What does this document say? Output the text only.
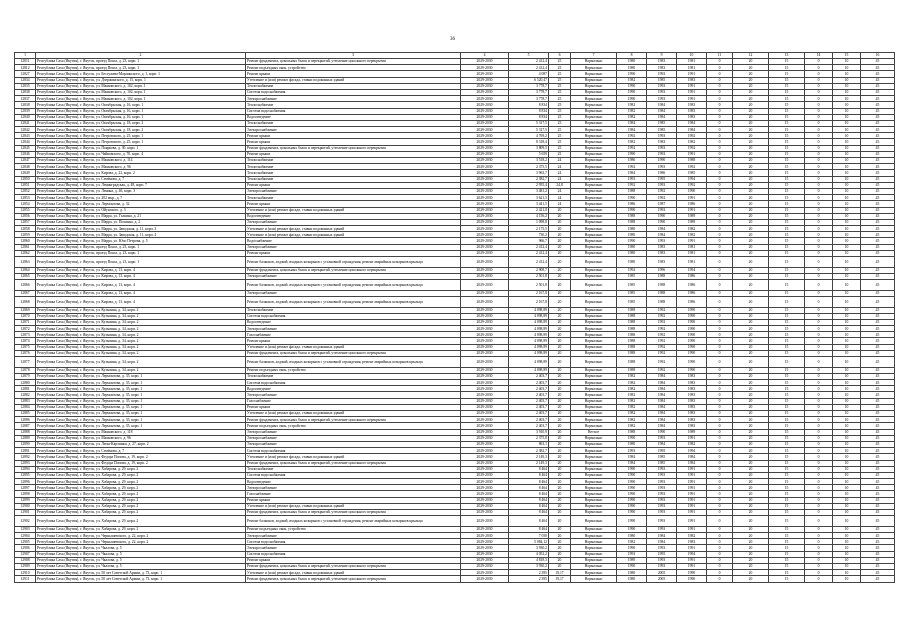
36
1	2	3	4	5	6	7	8	9	10	11	12	13	14	15	16
12811	Республика Саха (Якутия), г. Якутск, проезд Пояса, д. 23, корп. 1	Ремонт фундамента, цокольных балок и перекрытий, утепление цокольного перекрытия	2029-2030	2 412,4	25	Нормально	1980	1983	1981	0	20	15	0	10	45
12812	Республика Саха (Якутия), г. Якутск, проезд Пояса, д. 23, корп. 1	Ремонт подъездных окон, устройство	2029-2030	2 412,4	25	Нормально	1980	1983	1981	0	20	15	0	10	45
12827	Республика Саха (Якутия), г. Якутск, ул. Бестужева-Марлинского, д. 1, корп. 1	Ремонт крыши	2029-2030	4 087	25	Нормально	1990	1993	1991	0	20	15	0	10	45
12834	Республика Саха (Якутия), г. Якутск, ул. Дзержинского, д. 15, корп. 1	Утепление и (или) ремонт фасада, ставни подоконных зданий	2029-2030	6 520,47	25	Нормально	1982	1985	1983	0	20	15	0	10	45
12835	Республика Саха (Якутия), г. Якутск, ул. Маяковского, д. 102, корп. 1	Теплоснабжение	2029-2030	3 778,7	25	Нормально	1990	1993	1991	0	20	15	0	10	45
12838	Республика Саха (Якутия), г. Якутск, ул. Маяковского, д. 102, корп. 1	Система водоснабжения	2029-2030	3 778,7	25	Нормально	1990	1993	1991	0	20	15	0	10	45
12837	Республика Саха (Якутия), г. Якутск, ул. Маяковского, д. 102, корп. 1	Электроснабжение	2029-2030	3 778,7	25	Нормально	1990	1993	1991	0	20	15	0	10	45
12838	Республика Саха (Якутия), г. Якутск, ул. Октябрьская, д. 16, корп. 1	Теплоснабжение	2029-2030	8 834	25	Нормально	1982	1984	1983	0	20	15	0	10	45
12839	Республика Саха (Якутия), г. Якутск, ул. Октябрьская, д. 16, корп. 1	Система водоснабжения	2029-2030	8 834	25	Нормально	1982	1984	1983	0	20	15	0	10	45
12840	Республика Саха (Якутия), г. Якутск, ул. Октябрьская, д. 16, корп. 1	Водоотведение	2029-2030	8 834	25	Нормально	1982	1984	1983	0	20	15	0	10	45
12841	Республика Саха (Якутия), г. Якутск, ул. Октябрьская, д. 18, корп. 2	Теплоснабжение	2029-2030	5 317,5	25	Нормально	1984	1985	1984	0	20	15	0	10	45
12842	Республика Саха (Якутия), г. Якутск, ул. Октябрьская, д. 18, корп. 2	Электроснабжение	2029-2030	5 317,5	25	Нормально	1984	1985	1984	0	20	15	0	10	45
12843	Республика Саха (Якутия), г. Якутск, ул. Петровского, д. 25, корп. 1	Ремонт крыши	2029-2030	4 769,2	25	Нормально	1992	1993	1992	0	20	15	0	10	45
12844	Республика Саха (Якутия), г. Якутск, ул. Петровского, д. 25, корп. 1	Ремонт крыши	2029-2030	8 318,4	25	Нормально	1982	1983	1982	0	20	15	0	10	45
12845	Республика Саха (Якутия), г. Якутск, ул. Пояркова, д. 30, корп. 1	Ремонт фундамента, цокольных балок и перекрытий, утепление цокольного перекрытия	2029-2030	3 809,5	25	Нормально	1992	1993	1992	0	20	15	0	10	45
12846	Республика Саха (Якутия), г. Якутск, ул. Чайковского, д. 70, корп. 4	Ремонт крыши	2029-2030	5 659	25	Нормально	1990	1993	1991	0	20	15	0	10	45
12847	Республика Саха (Якутия), г. Якутск, ул. Маяковского, д. 114	Теплоснабжение	2029-2030	3 518,2	24	Нормально	1986	1990	1988	0	20	15	0	10	45
12848	Республика Саха (Якутия), г. Якутск, ул. Маяковского, д. 96	Теплоснабжение	2029-2030	2 375,5	24	Нормально	1992	1993	1992	0	20	15	0	10	45
12849	Республика Саха (Якутия), г. Якутск, ул. Кирова, д. 22, корп. 2	Теплоснабжение	2029-2030	3 963,7	24	Нормально	1984	1986	1985	0	20	15	0	10	45
12850	Республика Саха (Якутия), г. Якутск, ул. Семёнова, д. 7	Теплоснабжение	2029-2030	2 382,7	24	Нормально	1993	1995	1994	0	20	15	0	10	45
12851	Республика Саха (Якутия), г. Якутск, ул. Ленинградская, д. 48, корп. 7	Ремонт крыши	2029-2030	2 955,4	24,8	Нормально	1992	1993	1992	0	20	15	0	10	45
12852	Республика Саха (Якутия), г. Якутск, ул. Ленина, д. 46, корп. 3	Электроснабжение	2029-2030	3 481,2	24	Нормально	1988	1992	1990	0	20	15	0	10	45
12853	Республика Саха (Якутия), г. Якутск, ул. 202 мкр., д. 7	Теплоснабжение	2029-2030	3 621,5	24	Нормально	1990	1992	1991	0	20	15	0	10	45
12854	Республика Саха (Якутия), г. Якутск, ул. Лермонтова, д. 32	Ремонт крыши	2029-2030	3 441,5	24	Нормально	1986	1987	1986	0	20	15	0	10	45
12855	Республика Саха (Якутия), г. Якутск, ул. Ойунского, д. 3	Утепление и (или) ремонт фасада, ставни подоконных зданий	2029-2030	2 421,8	20	Нормально	1990	1993	1991	0	20	15	0	10	45
12856	Республика Саха (Якутия), г. Якутск, ул. Марра, ул. Галкина, д. 21	Водоотведение	2029-2030	4 156,2	20	Нормально	1988	1990	1989	0	20	15	0	10	45
12857	Республика Саха (Якутия), г. Якутск, ул. Марра, ул. Полинна, д. 2	Электроснабжение	2029-2030	1 098,8	20	Нормально	1988	1990	1989	0	20	15	0	10	45
12858	Республика Саха (Якутия), г. Якутск, ул. Марра, ул. Заводская, д. 11, корп. 3	Утепление и (или) ремонт фасада, ставни подоконных зданий	2029-2030	2 175,5	20	Нормально	1980	1984	1982	0	20	15	0	10	45
12859	Республика Саха (Якутия), г. Якутск, ул. Марра, ул. Заводская, д. 11, корп. 4	Утепление и (или) ремонт фасада, ставни подоконных зданий	2029-2030	730,2	20	Нормально	1980	1984	1982	0	20	15	0	10	45
12860	Республика Саха (Якутия), г. Якутск, ул. Марра, ул. Ючо Петрова, д. 5	Водоснабжение	2029-2030	966,7	20	Нормально	1990	1993	1991	0	20	15	0	10	45
12861	Республика Саха (Якутия), г. Якутск, проезд Пояса, д. 23, корп. 1	Электроснабжение	2029-2030	2 412,4	20	Нормально	1980	1983	1981	0	20	15	0	10	45
12862	Республика Саха (Якутия), г. Якутск, проезд Пояса, д. 23, корп. 1	Ремонт крыши	2029-2030	2 412,4	20	Нормально	1980	1983	1981	0	20	15	0	10	45
12863	Республика Саха (Якутия), г. Якутск, проезд Пояса, д. 23, корп. 1	Ремонт балконов, лоджий, входных козырьков с установкой ограждения, ремонт аварийных козырьков крыльца	2029-2030	2 412,4	20	Нормально	1980	1983	1981	0	20	15	0	10	45
12864	Республика Саха (Якутия), г. Якутск, ул. Кирова, д. 13, корп. 4	Ремонт фундамента, цокольных балок и перекрытий, утепление цокольного перекрытия	2029-2030	2 908,7	20	Нормально	1992	1996	1994	0	20	15	0	10	45
12865	Республика Саха (Якутия), г. Якутск, ул. Кирова, д. 13, корп. 4	Электроснабжение	2029-2030	2 501,8	20	Нормально	1985	1988	1986	0	20	15	0	10	45
12866	Республика Саха (Якутия), г. Якутск, ул. Кирова, д. 13, корп. 4	Ремонт балконов, лоджий, входных козырьков с установкой ограждения, ремонт аварийных козырьков крыльца	2029-2030	2 501,8	20	Нормально	1985	1988	1986	0	20	15	0	10	45
12867	Республика Саха (Якутия), г. Якутск, ул. Кирова, д. 13, корп. 4	Электроснабжение	2029-2030	2 167,8	20	Нормально	1985	1988	1986	0	20	15	0	10	45
12868	Республика Саха (Якутия), г. Якутск, ул. Кирова, д. 13, корп. 4	Ремонт балконов, лоджий, входных козырьков с установкой ограждения, ремонт аварийных козырьков крыльца	2029-2030	2 167,8	20	Нормально	1985	1988	1986	0	20	15	0	10	45
12869	Республика Саха (Якутия), г. Якутск, ул. Кузьмина, д. 34, корп. 2	Теплоснабжение	2029-2030	4 098,89	20	Нормально	1988	1992	1990	0	20	15	0	10	45
12870	Республика Саха (Якутия), г. Якутск, ул. Кузьмина, д. 34, корп. 2	Система водоснабжения	2029-2030	4 098,89	20	Нормально	1988	1992	1990	0	20	15	0	10	45
12871	Республика Саха (Якутия), г. Якутск, ул. Кузьмина, д. 34, корп. 2	Водоотведение	2029-2030	4 098,89	20	Нормально	1988	1992	1990	0	20	15	0	10	45
12872	Республика Саха (Якутия), г. Якутск, ул. Кузьмина, д. 34, корп. 2	Электроснабжение	2029-2030	4 098,89	20	Нормально	1988	1992	1990	0	20	15	0	10	45
12873	Республика Саха (Якутия), г. Якутск, ул. Кузьмина, д. 34, корп. 2	Газоснабжение	2029-2030	4 098,89	20	Нормально	1988	1992	1990	0	20	15	0	10	45
12874	Республика Саха (Якутия), г. Якутск, ул. Кузьмина, д. 34, корп. 2	Ремонт крыши	2029-2030	4 098,89	20	Нормально	1988	1992	1990	0	20	15	0	10	45
12875	Республика Саха (Якутия), г. Якутск, ул. Кузьмина, д. 34, корп. 2	Утепление и (или) ремонт фасада, ставни подоконных зданий	2029-2030	4 098,89	20	Нормально	1988	1992	1990	0	20	15	0	10	45
12876	Республика Саха (Якутия), г. Якутск, ул. Кузьмина, д. 34, корп. 2	Ремонт фундамента, цокольных балок и перекрытий, утепление цокольного перекрытия	2029-2030	4 098,89	20	Нормально	1988	1992	1990	0	20	15	0	10	45
12877	Республика Саха (Якутия), г. Якутск, ул. Кузьмина, д. 34, корп. 2	Ремонт балконов, лоджий, входных козырьков с установкой ограждения, ремонт аварийных козырьков крыльца	2029-2030	4 098,89	20	Нормально	1988	1992	1990	0	20	15	0	10	45
12878	Республика Саха (Якутия), г. Якутск, ул. Кузьмина, д. 34, корп. 2	Ремонт подъездных окон, устройство	2029-2030	4 098,89	20	Нормально	1988	1992	1990	0	20	15	0	10	45
12879	Республика Саха (Якутия), г. Якутск, ул. Лермонтова, д. 35, корп. 1	Теплоснабжение	2029-2030	2 403,7	20	Нормально	1982	1984	1983	0	20	15	0	10	45
12880	Республика Саха (Якутия), г. Якутск, ул. Лермонтова, д. 35, корп. 1	Система водоснабжения	2029-2030	2 403,7	20	Нормально	1982	1984	1983	0	20	15	0	10	45
12881	Республика Саха (Якутия), г. Якутск, ул. Лермонтова, д. 35, корп. 1	Водоотведение	2029-2030	2 403,7	20	Нормально	1982	1984	1983	0	20	15	0	10	45
12882	Республика Саха (Якутия), г. Якутск, ул. Лермонтова, д. 35, корп. 1	Электроснабжение	2029-2030	2 403,7	20	Нормально	1982	1984	1983	0	20	15	0	10	45
12883	Республика Саха (Якутия), г. Якутск, ул. Лермонтова, д. 35, корп. 1	Газоснабжение	2029-2030	2 403,7	20	Нормально	1982	1984	1983	0	20	15	0	10	45
12884	Республика Саха (Якутия), г. Якутск, ул. Лермонтова, д. 35, корп. 1	Ремонт крыши	2029-2030	2 403,7	20	Нормально	1982	1984	1983	0	20	15	0	10	45
12885	Республика Саха (Якутия), г. Якутск, ул. Лермонтова, д. 35, корп. 1	Утепление и (или) ремонт фасада, ставни подоконных зданий	2029-2030	2 403,7	20	Нормально	1982	1984	1983	0	20	15	0	10	45
12886	Республика Саха (Якутия), г. Якутск, ул. Лермонтова, д. 35, корп. 1	Ремонт фундамента, цокольных балок и перекрытий, утепление цокольного перекрытия	2029-2030	2 403,7	20	Нормально	1982	1984	1983	0	20	15	0	10	45
12887	Республика Саха (Якутия), г. Якутск, ул. Лермонтова, д. 35, корп. 1	Ремонт подъездных окон, устройство	2029-2030	2 403,7	20	Нормально	1982	1984	1983	0	20	15	0	10	45
12888	Республика Саха (Якутия), г. Якутск, ул. Маяковского, д. 118	Электроснабжение	2029-2030	3 910,9	20	Ветхое	1988	1990	1989	0	20	15	0	10	45
12889	Республика Саха (Якутия), г. Якутск, ул. Маяковского, д. 96	Электроснабжение	2029-2030	2 375,8	20	Нормально	1990	1993	1991	0	20	15	0	10	45
12890	Республика Саха (Якутия), г. Якутск, ул. Лепы-Карлинки, д. 27, корп. 2	Электроснабжение	2029-2030	863,1	20	Нормально	1980	1984	1982	0	20	15	0	10	45
12891	Республика Саха (Якутия), г. Якутск, ул. Семёнова, д. 7	Система водоснабжения	2029-2030	2 382,7	20	Нормально	1993	1995	1994	0	20	15	0	10	45
12892	Республика Саха (Якутия), г. Якутск, ул. Федора Попова, д. 19, корп. 2	Утепление и (или) ремонт фасада, ставни подоконных зданий	2029-2030	2 149,3	20	Нормально	1984	1985	1984	0	20	15	0	10	45
12893	Республика Саха (Якутия), г. Якутск, ул. Федора Попова, д. 19, корп. 2	Ремонт фундамента, цокольных балок и перекрытий, утепление цокольного перекрытия	2029-2030	2 149,3	20	Нормально	1984	1985	1984	0	20	15	0	10	45
12894	Республика Саха (Якутия), г. Якутск, ул. Хабарова, д. 29, корп. 2	Теплоснабжение	2029-2030	8 464	20	Нормально	1990	1993	1991	0	20	15	0	10	45
12895	Республика Саха (Якутия), г. Якутск, ул. Хабарова, д. 29, корп. 2	Система водоснабжения	2029-2030	8 464	20	Нормально	1990	1993	1991	0	20	15	0	10	45
12896	Республика Саха (Якутия), г. Якутск, ул. Хабарова, д. 29, корп. 2	Водоотведение	2029-2030	8 464	20	Нормально	1990	1993	1991	0	20	15	0	10	45
12897	Республика Саха (Якутия), г. Якутск, ул. Хабарова, д. 29, корп. 2	Электроснабжение	2029-2030	8 464	20	Нормально	1990	1993	1991	0	20	15	0	10	45
12898	Республика Саха (Якутия), г. Якутск, ул. Хабарова, д. 29, корп. 2	Газоснабжение	2029-2030	8 464	20	Нормально	1990	1993	1991	0	20	15	0	10	45
12899	Республика Саха (Якутия), г. Якутск, ул. Хабарова, д. 29, корп. 2	Ремонт крыши	2029-2030	8 464	20	Нормально	1990	1993	1991	0	20	15	0	10	45
12900	Республика Саха (Якутия), г. Якутск, ул. Хабарова, д. 29, корп. 2	Утепление и (или) ремонт фасада, ставни подоконных зданий	2029-2030	8 464	20	Нормально	1990	1993	1991	0	20	15	0	10	45
12901	Республика Саха (Якутия), г. Якутск, ул. Хабарова, д. 29, корп. 2	Ремонт фундамента, цокольных балок и перекрытий, утепление цокольного перекрытия	2029-2030	8 464	20	Нормально	1990	1993	1991	0	20	15	0	10	45
12902	Республика Саха (Якутия), г. Якутск, ул. Хабарова, д. 29, корп. 2	Ремонт балконов, лоджий, входных козырьков с установкой ограждения, ремонт аварийных козырьков крыльца	2029-2030	8 464	20	Нормально	1990	1993	1991	0	20	15	0	10	45
12903	Республика Саха (Якутия), г. Якутск, ул. Хабарова, д. 29, корп. 2	Ремонт подъездных окон, устройство	2029-2030	8 464	20	Нормально	1990	1993	1991	0	20	15	0	10	45
12904	Республика Саха (Якутия), г. Якутск, ул. Чернышевского, д. 22, корп. 2	Электроснабжение	2029-2030	7 050	20	Нормально	1980	1984	1982	0	20	15	0	10	45
12905	Республика Саха (Якутия), г. Якутск, ул. Чернышевского, д. 22, корп. 2	Система водоснабжения	2029-2030	5 084,12	20	Нормально	1982	1984	1983	0	20	15	0	10	45
12906	Республика Саха (Якутия), г. Якутск, ул. Чкалова, д. 5	Электроснабжение	2029-2030	3 930,2	20	Нормально	1990	1993	1991	0	20	15	0	10	45
12907	Республика Саха (Якутия), г. Якутск, ул. Чкалова, д. 5	Система водоснабжения	2029-2030	4 052,2	20	Нормально	1993	1995	1994	0	20	15	0	10	45
12908	Республика Саха (Якутия), г. Якутск, ул. Чкалова, д. 5	Ремонт крыши	2029-2030	4 818,3	20	Нормально	1989	1993	1991	0	20	15	0	10	45
12909	Республика Саха (Якутия), г. Якутск, ул. Чкалова, д. 5	Ремонт фундамента, цокольных балок и перекрытий, утепление цокольного перекрытия	2029-2030	3 930,2	20	Нормально	1990	1993	1991	0	20	15	0	10	45
12910	Республика Саха (Якутия), г. Якутск, ул. 50 лет Советской Армии, д. 73, корп. 1	Утепление и (или) ремонт фасада, ставни подоконных зданий	2029-2030	2 395	19,17	Нормально	1980	2005	1990	0	20	15	0	10	45
12911	Республика Саха (Якутия), г. Якутск, ул. 50 лет Советской Армии, д. 73, корп. 1	Ремонт фундамента, цокольных балок и перекрытий, утепление цокольного перекрытия	2029-2030	2 395	19,17	Нормально	1980	2005	1990	0	20	15	0	10	45
